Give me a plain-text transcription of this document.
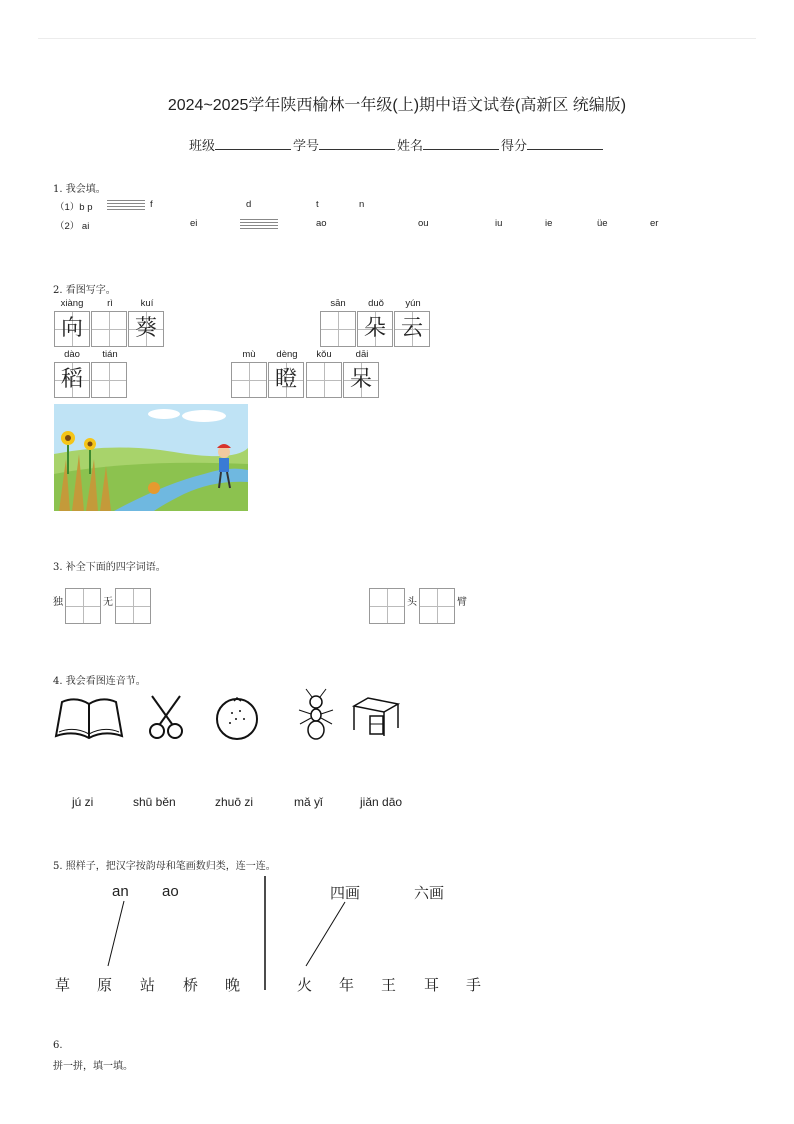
2024~2025学年陕西榆林一年级(上)期中语文试卷(高新区 统编版)
班级	学号	姓名	得分
1. 我会填。
（1）b p	f	d	t	n
（2） ai	ei	ao	ou	iu	ie	üe	er
2. 看图写字。
xiàng	rì	kuí
向 葵
sān	duǒ	yún
朵 云
dào	tián
稻
mù	dèng	kǒu	dāi
瞪 呆
3. 补全下面的四字词语。
独	无	头	臂
4. 我会看图连音节。
jú zi	shū běn	zhuō zi	mǎ yǐ	jiǎn dāo
5. 照样子，把汉字按韵母和笔画数归类，连一连。
an ao	四画	六画
草 原 站 桥 晚	火 年 王 耳 手
6.
拼一拼，填一填。
